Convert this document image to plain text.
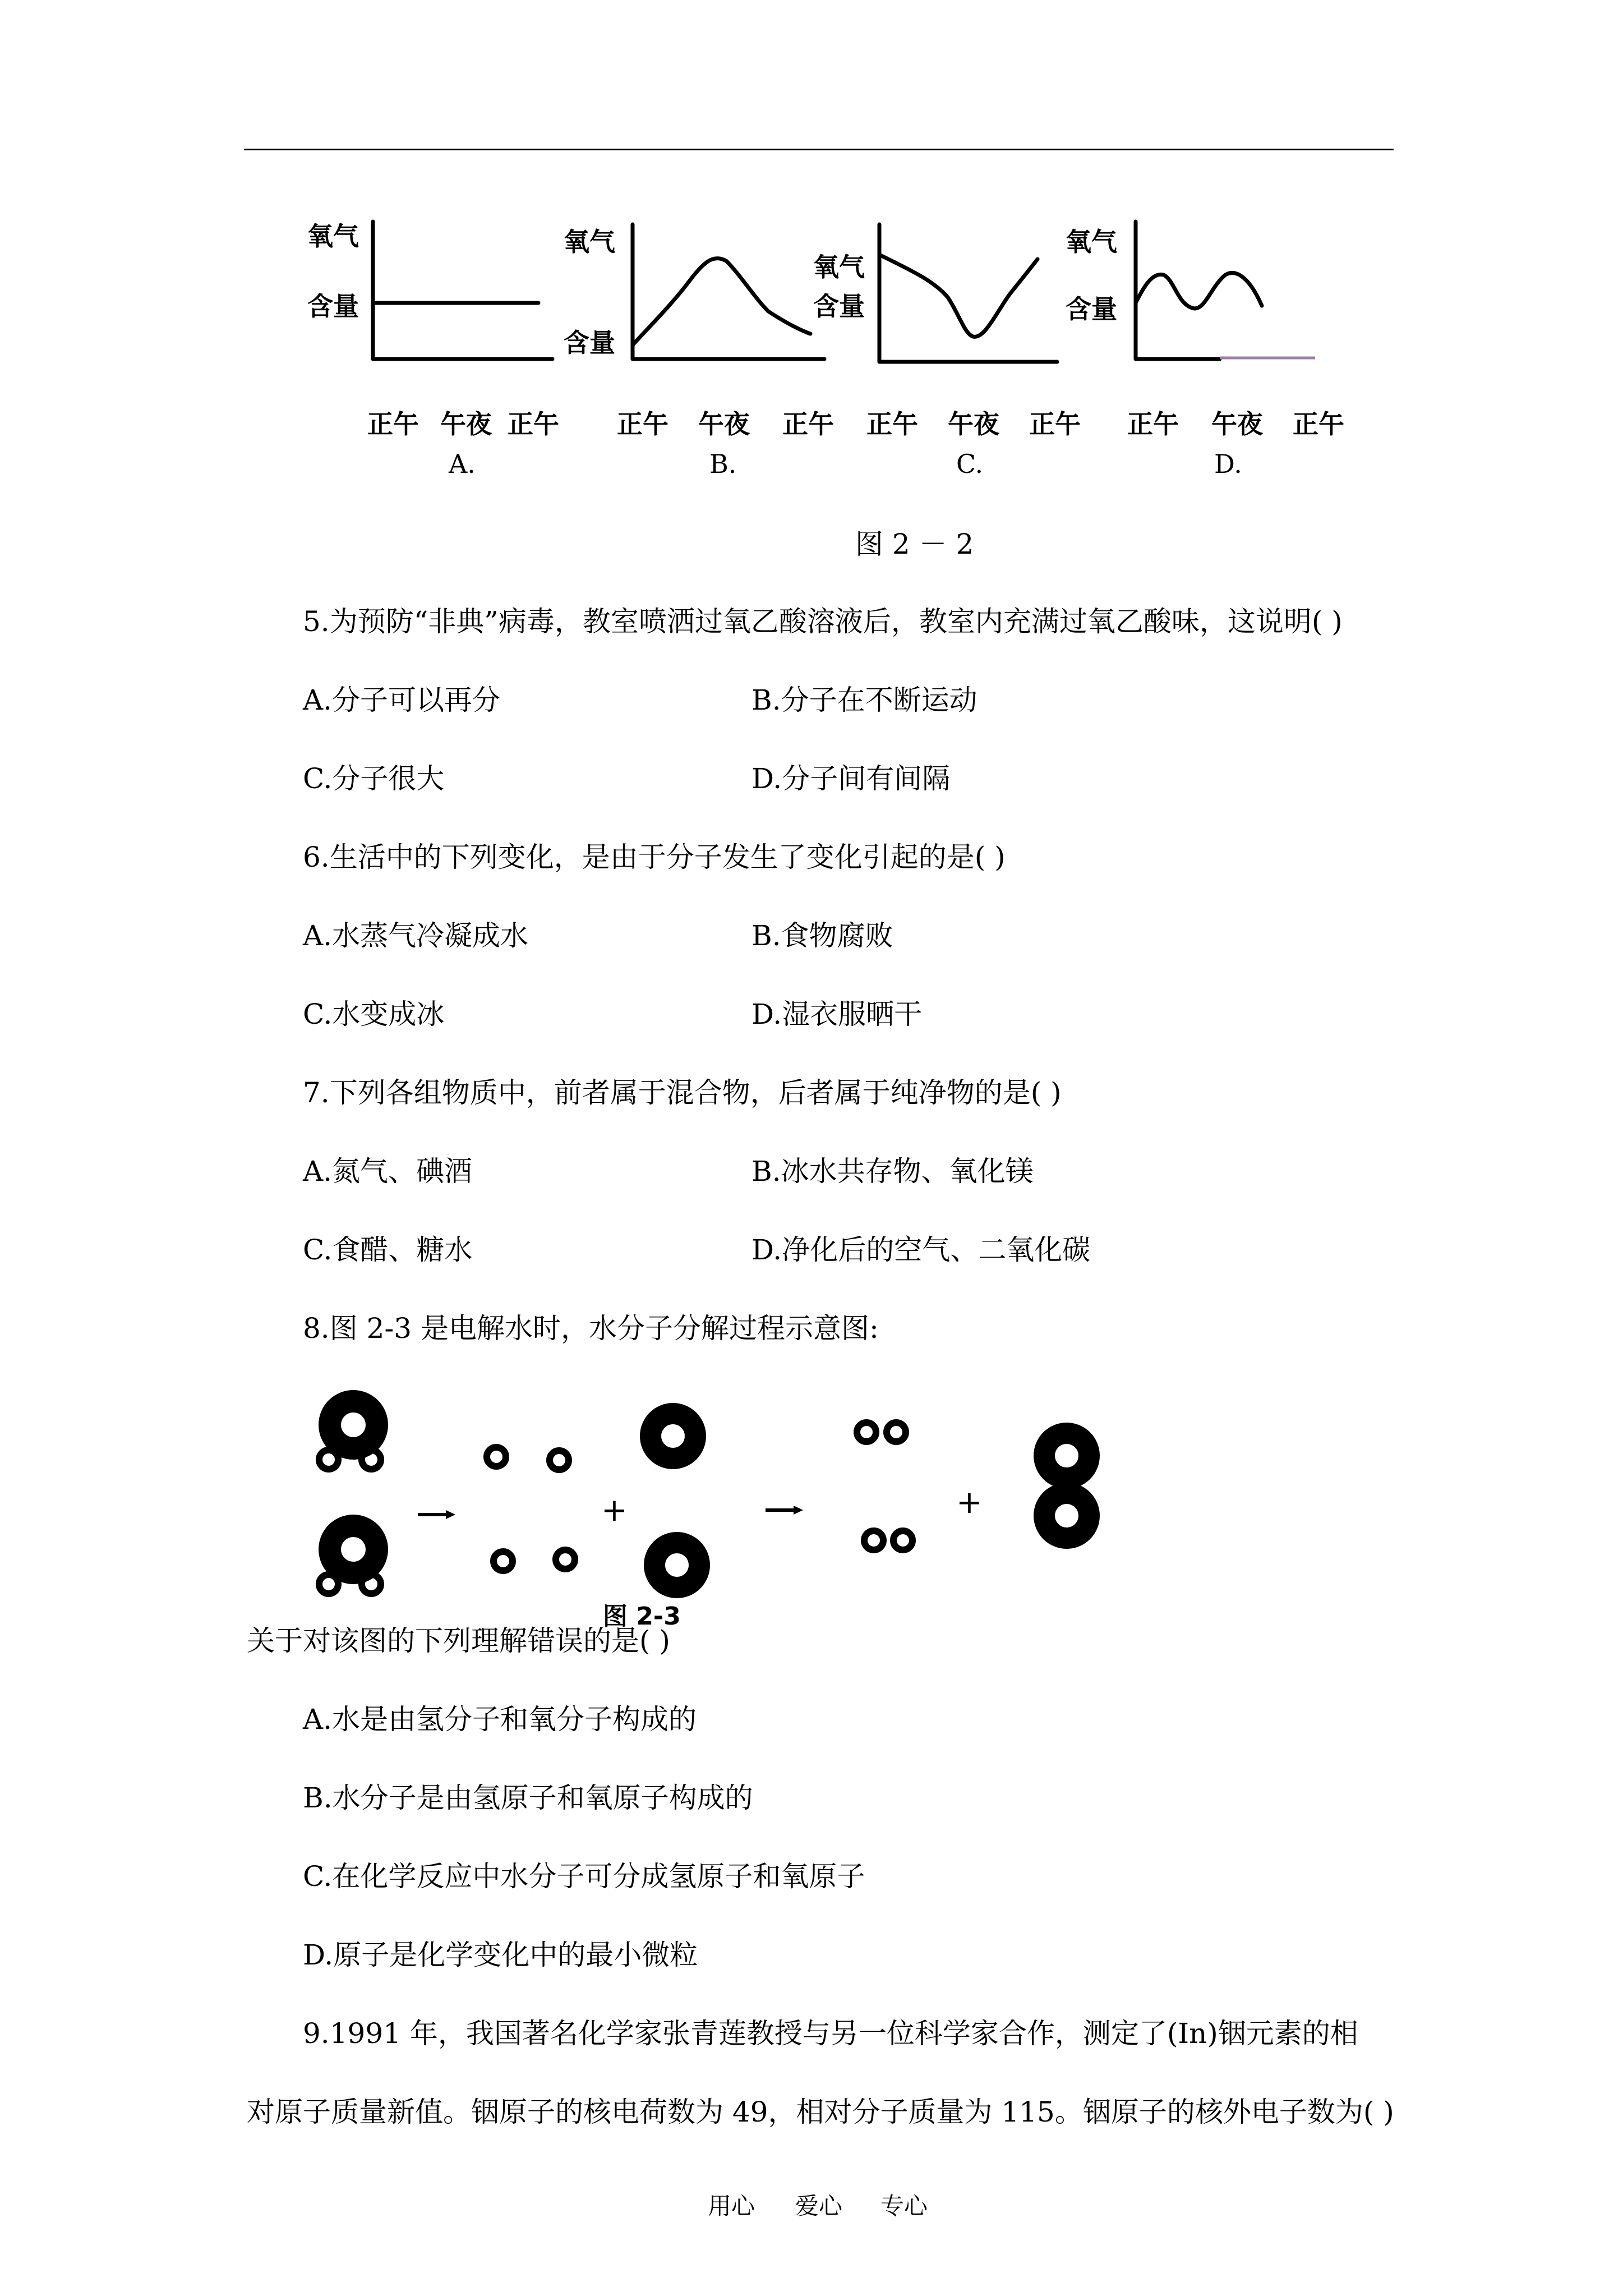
氧气
含量
氧气
含量
氧气
含量
氧气
含量
正午 午夜 正午 正午 午夜 正午 正午 午夜 正午 正午 午夜 正午
A.	B.	C.	D.
图 2 － 2
5.为预防“非典”病毒，教室喷洒过氧乙酸溶液后，教室内充满过氧乙酸味，这说明( )
A.分子可以再分	B.分子在不断运动
C.分子很大	D.分子间有间隔
6.生活中的下列变化，是由于分子发生了变化引起的是( )
A.水蒸气冷凝成水	B.食物腐败
C.水变成冰	D.湿衣服晒干
7.下列各组物质中，前者属于混合物，后者属于纯净物的是( )
A.氮气、碘酒	B.冰水共存物、氧化镁
C.食醋、糖水	D.净化后的空气、二氧化碳
8.图 2-3 是电解水时，水分子分解过程示意图:
+	+
图 2-3
关于对该图的下列理解错误的是( )
A.水是由氢分子和氧分子构成的
B.水分子是由氢原子和氧原子构成的
C.在化学反应中水分子可分成氢原子和氧原子
D.原子是化学变化中的最小微粒
9.1991 年，我国著名化学家张青莲教授与另一位科学家合作，测定了(In)铟元素的相
对原子质量新值。铟原子的核电荷数为 49，相对分子质量为 115。铟原子的核外电子数为( )
用心 爱心 专心
